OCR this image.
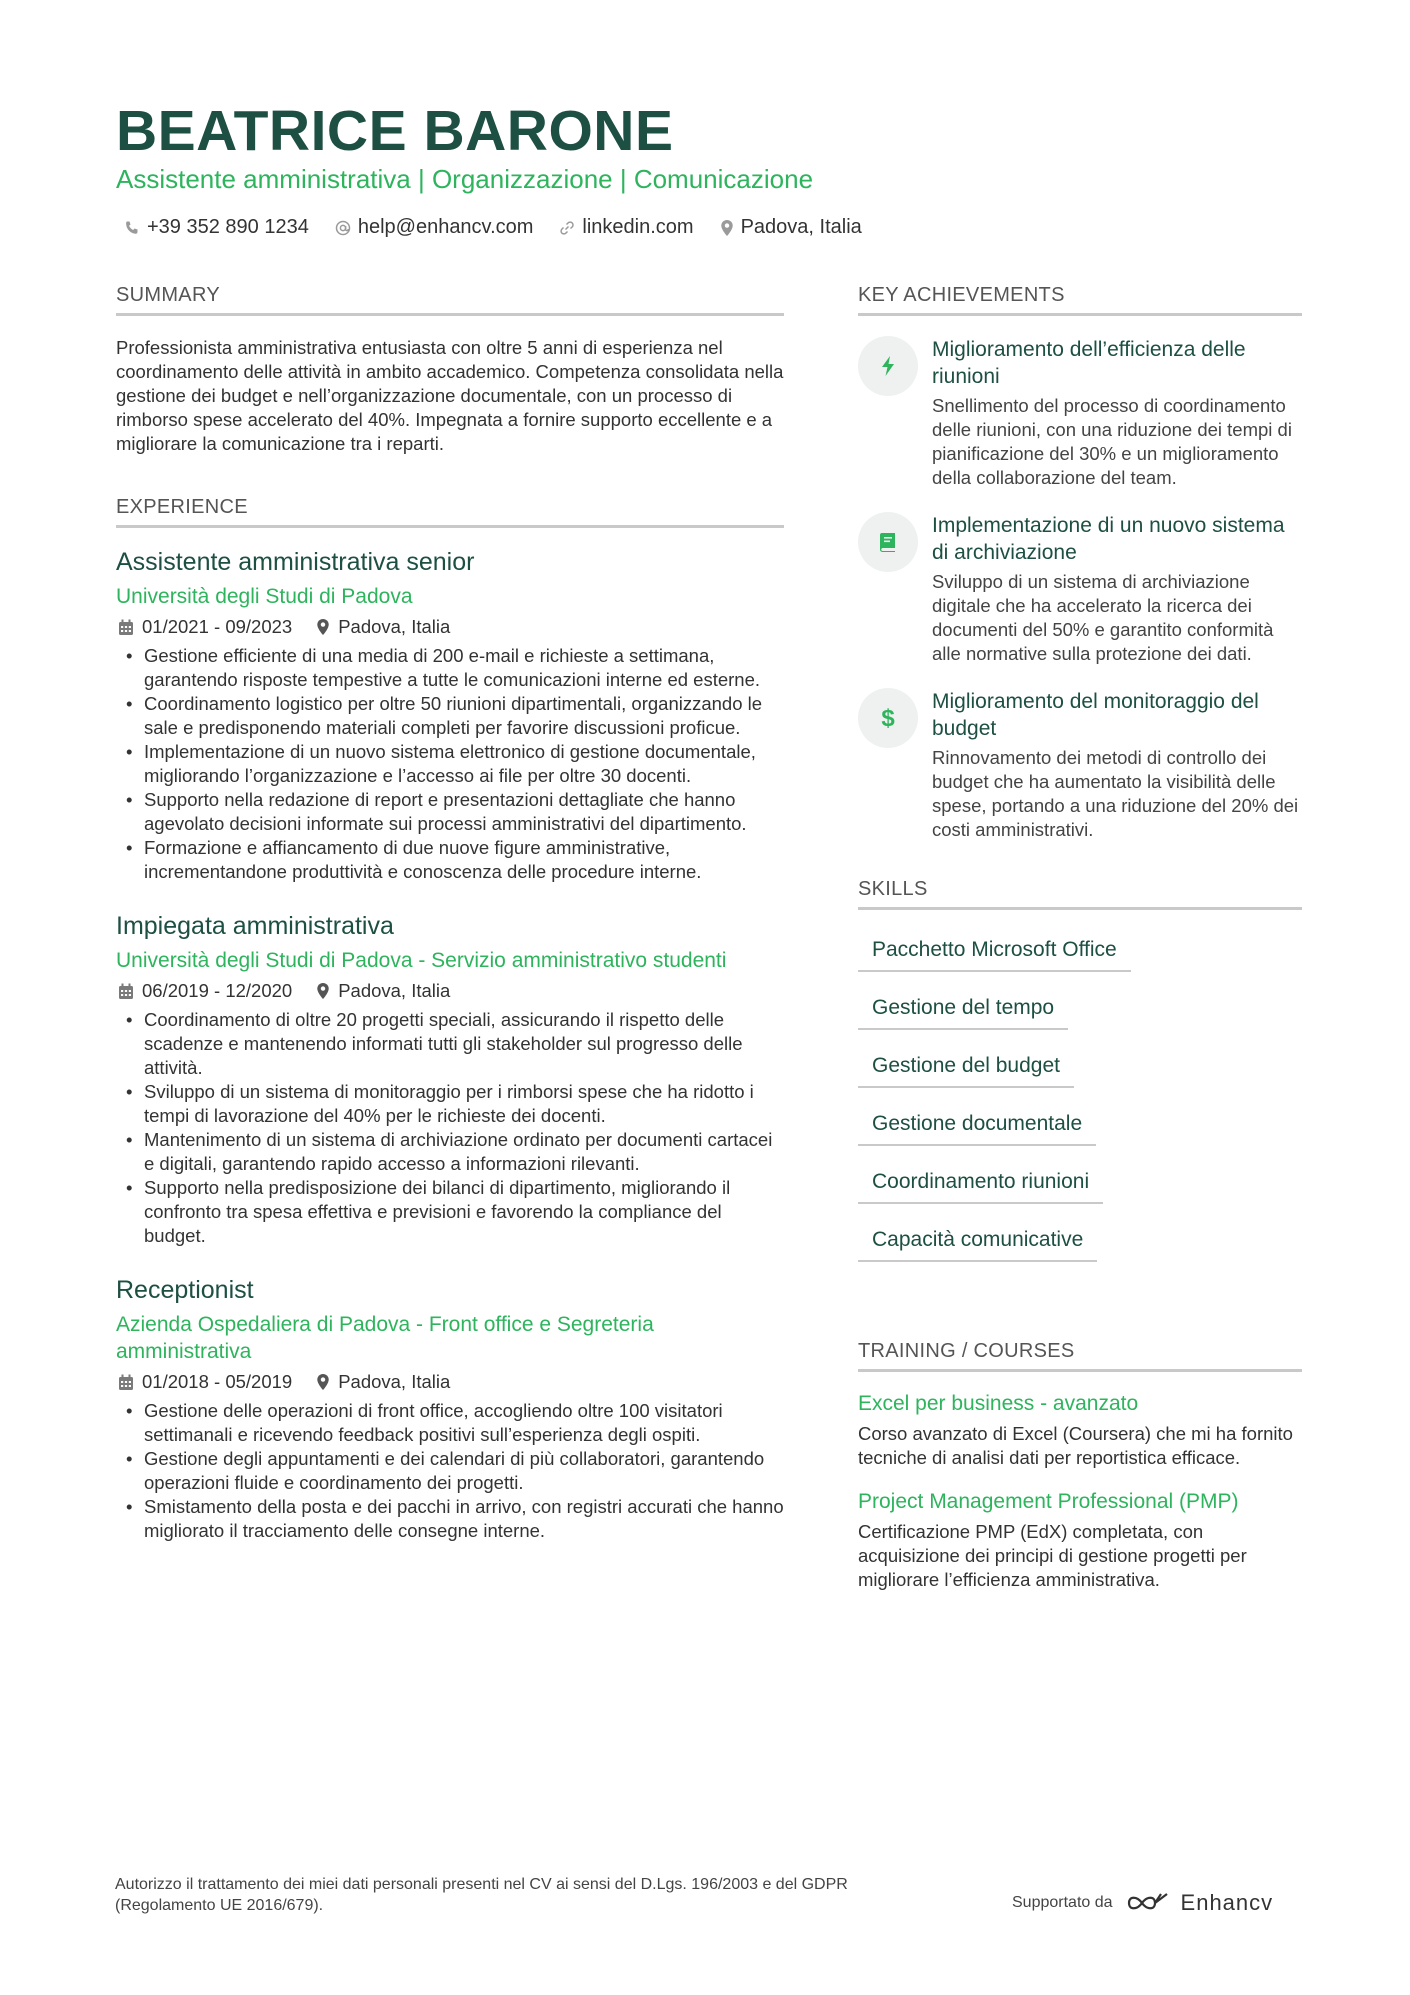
BEATRICE BARONE
Assistente amministrativa | Organizzazione | Comunicazione
+39 352 890 1234 help@enhancv.com linkedin.com Padova, Italia
SUMMARY
Professionista amministrativa entusiasta con oltre 5 anni di esperienza nel coordinamento delle attività in ambito accademico. Competenza consolidata nella gestione dei budget e nell’organizzazione documentale, con un processo di rimborso spese accelerato del 40%. Impegnata a fornire supporto eccellente e a migliorare la comunicazione tra i reparti.
EXPERIENCE
Assistente amministrativa senior
Università degli Studi di Padova
01/2021 - 09/2023 Padova, Italia
• Gestione efficiente di una media di 200 e-mail e richieste a settimana, garantendo risposte tempestive a tutte le comunicazioni interne ed esterne.
• Coordinamento logistico per oltre 50 riunioni dipartimentali, organizzando le sale e predisponendo materiali completi per favorire discussioni proficue.
• Implementazione di un nuovo sistema elettronico di gestione documentale, migliorando l’organizzazione e l’accesso ai file per oltre 30 docenti.
• Supporto nella redazione di report e presentazioni dettagliate che hanno agevolato decisioni informate sui processi amministrativi del dipartimento.
• Formazione e affiancamento di due nuove figure amministrative, incrementandone produttività e conoscenza delle procedure interne.
Impiegata amministrativa
Università degli Studi di Padova - Servizio amministrativo studenti
06/2019 - 12/2020 Padova, Italia
• Coordinamento di oltre 20 progetti speciali, assicurando il rispetto delle scadenze e mantenendo informati tutti gli stakeholder sul progresso delle attività.
• Sviluppo di un sistema di monitoraggio per i rimborsi spese che ha ridotto i tempi di lavorazione del 40% per le richieste dei docenti.
• Mantenimento di un sistema di archiviazione ordinato per documenti cartacei e digitali, garantendo rapido accesso a informazioni rilevanti.
• Supporto nella predisposizione dei bilanci di dipartimento, migliorando il confronto tra spesa effettiva e previsioni e favorendo la compliance del budget.
Receptionist
Azienda Ospedaliera di Padova - Front office e Segreteria amministrativa
01/2018 - 05/2019 Padova, Italia
• Gestione delle operazioni di front office, accogliendo oltre 100 visitatori settimanali e ricevendo feedback positivi sull’esperienza degli ospiti.
• Gestione degli appuntamenti e dei calendari di più collaboratori, garantendo operazioni fluide e coordinamento dei progetti.
• Smistamento della posta e dei pacchi in arrivo, con registri accurati che hanno migliorato il tracciamento delle consegne interne.
KEY ACHIEVEMENTS
Miglioramento dell’efficienza delle riunioni
Snellimento del processo di coordinamento delle riunioni, con una riduzione dei tempi di pianificazione del 30% e un miglioramento della collaborazione del team.
Implementazione di un nuovo sistema di archiviazione
Sviluppo di un sistema di archiviazione digitale che ha accelerato la ricerca dei documenti del 50% e garantito conformità alle normative sulla protezione dei dati.
$
Miglioramento del monitoraggio del budget
Rinnovamento dei metodi di controllo dei budget che ha aumentato la visibilità delle spese, portando a una riduzione del 20% dei costi amministrativi.
SKILLS
Pacchetto Microsoft Office
Gestione del tempo
Gestione del budget
Gestione documentale
Coordinamento riunioni
Capacità comunicative
TRAINING / COURSES
Excel per business - avanzato
Corso avanzato di Excel (Coursera) che mi ha fornito tecniche di analisi dati per reportistica efficace.
Project Management Professional (PMP)
Certificazione PMP (EdX) completata, con acquisizione dei principi di gestione progetti per migliorare l’efficienza amministrativa.
Autorizzo il trattamento dei miei dati personali presenti nel CV ai sensi del D.Lgs. 196/2003 e del GDPR (Regolamento UE 2016/679).	Supportato da	Enhancv
